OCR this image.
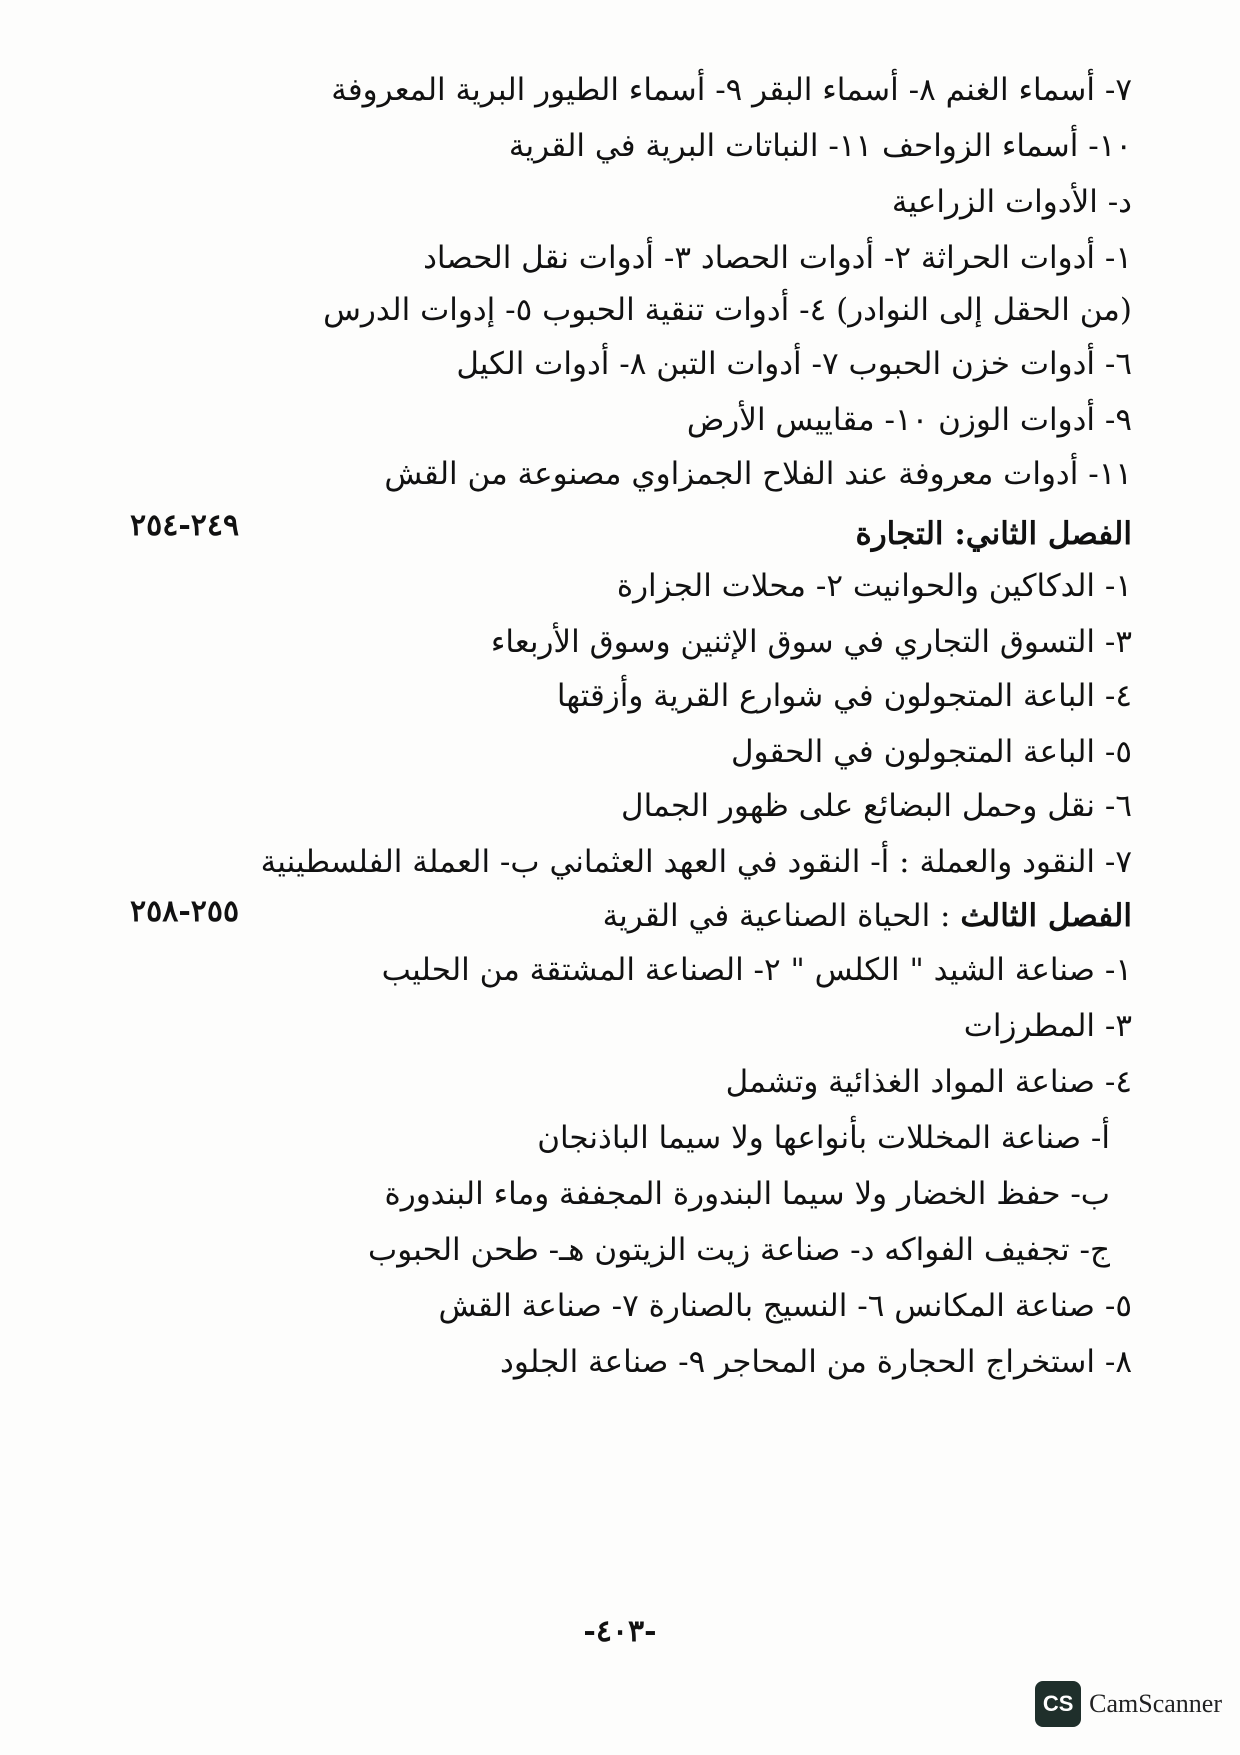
٧- أسماء الغنم ٨- أسماء البقر ٩- أسماء الطيور البرية المعروفة
١٠- أسماء الزواحف ١١- النباتات البرية في القرية
د- الأدوات الزراعية
١- أدوات الحراثة ٢- أدوات الحصاد ٣- أدوات نقل الحصاد
(من الحقل إلى النوادر) ٤- أدوات تنقية الحبوب ٥- إدوات الدرس
٦- أدوات خزن الحبوب ٧- أدوات التبن ٨- أدوات الكيل
٩- أدوات الوزن ١٠- مقاييس الأرض
١١- أدوات معروفة عند الفلاح الجمزاوي مصنوعة من القش
الفصل الثاني: التجارة
٢٤٩-٢٥٤
١- الدكاكين والحوانيت ٢- محلات الجزارة
٣- التسوق التجاري في سوق الإثنين وسوق الأربعاء
٤- الباعة المتجولون في شوارع القرية وأزقتها
٥- الباعة المتجولون في الحقول
٦- نقل وحمل البضائع على ظهور الجمال
٧- النقود والعملة : أ- النقود في العهد العثماني ب- العملة الفلسطينية
الفصل الثالث : الحياة الصناعية في القرية
٢٥٥-٢٥٨
١- صناعة الشيد " الكلس " ٢- الصناعة المشتقة من الحليب
٣- المطرزات
٤- صناعة المواد الغذائية وتشمل
أ- صناعة المخللات بأنواعها ولا سيما الباذنجان
ب- حفظ الخضار ولا سيما البندورة المجففة وماء البندورة
ج- تجفيف الفواكه د- صناعة زيت الزيتون هـ- طحن الحبوب
٥- صناعة المكانس ٦- النسيج بالصنارة ٧- صناعة القش
٨- استخراج الحجارة من المحاجر ٩- صناعة الجلود
-٤٠٣-
CS CamScanner
